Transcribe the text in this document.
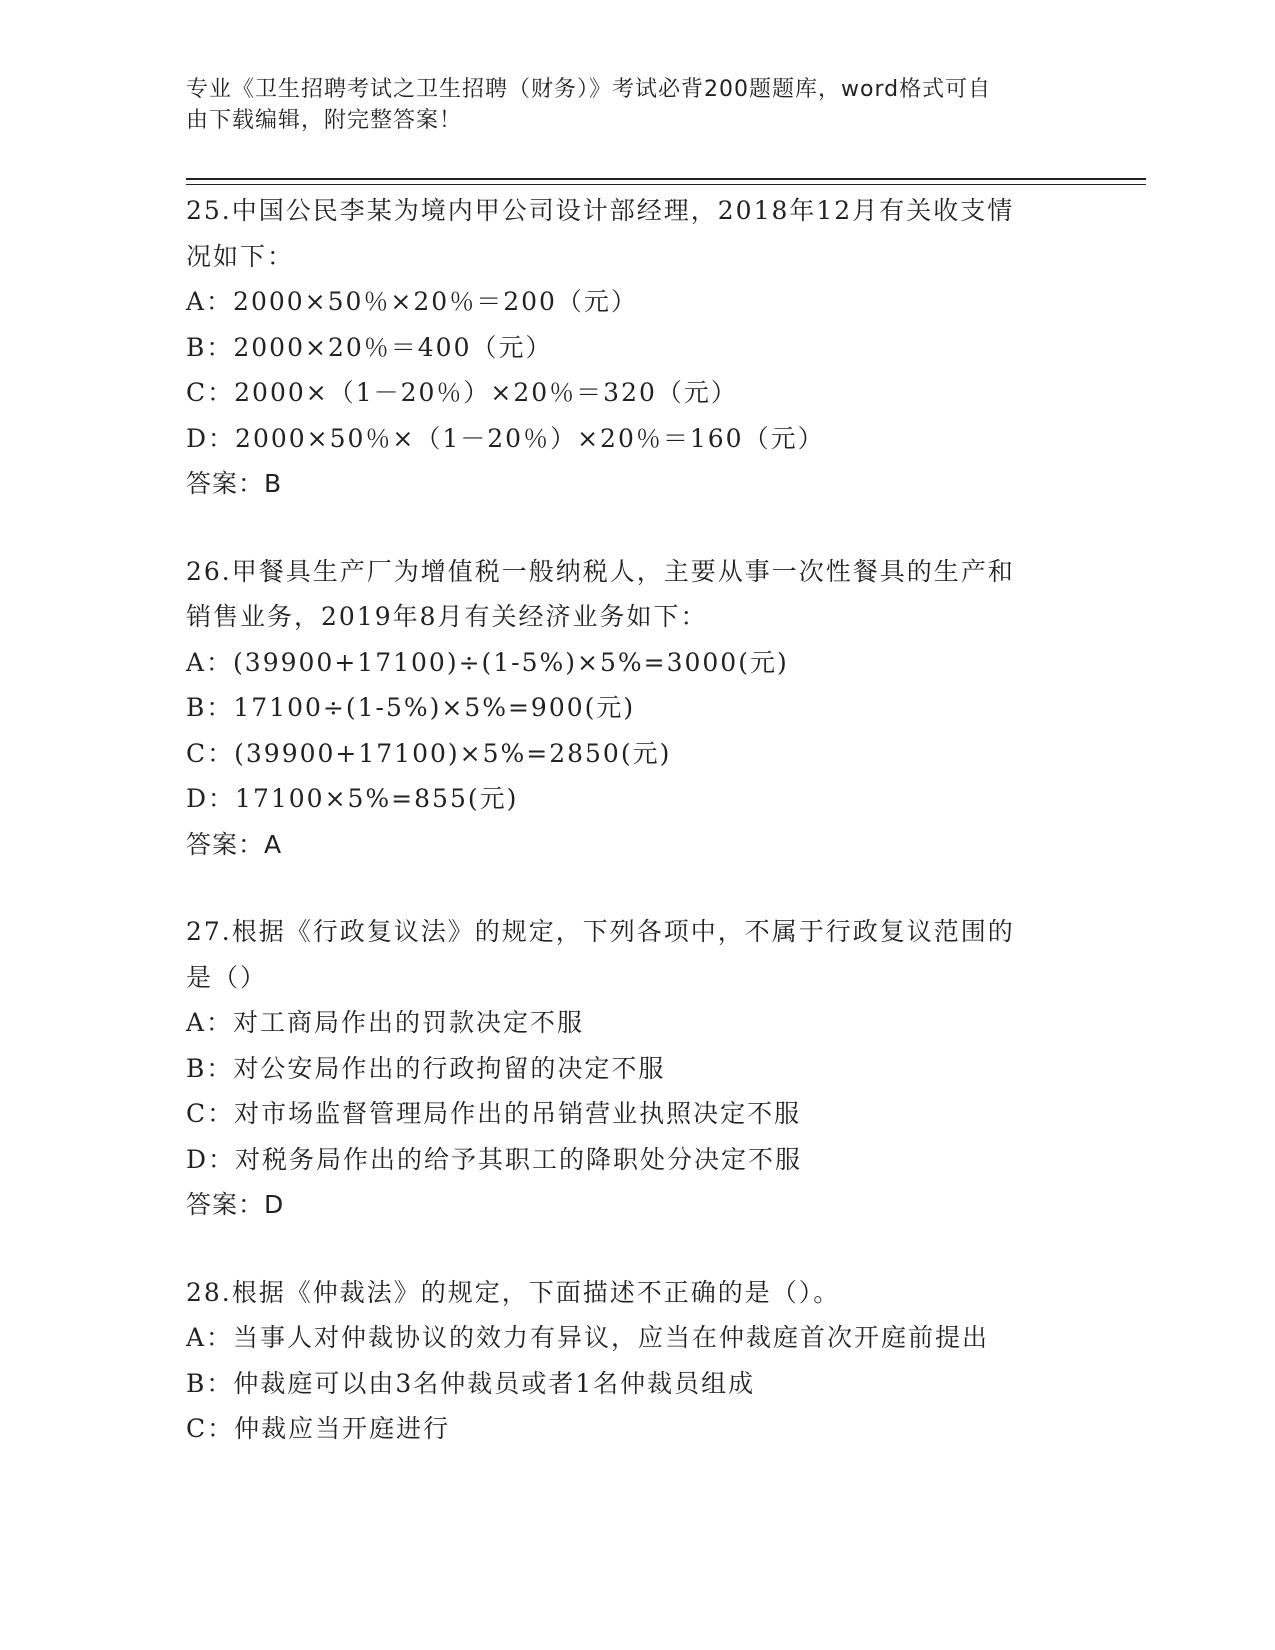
专业《卫生招聘考试之卫生招聘（财务）》考试必背200题题库，word格式可自
由下载编辑，附完整答案！
25.中国公民李某为境内甲公司设计部经理，2018年12月有关收支情
况如下：
A：2000×50％×20％＝200（元）
B：2000×20％＝400（元）
C：2000×（1－20％）×20％＝320（元）
D：2000×50％×（1－20％）×20％＝160（元）
答案：B
26.甲餐具生产厂为增值税一般纳税人，主要从事一次性餐具的生产和
销售业务，2019年8月有关经济业务如下：
A：(39900+17100)÷(1-5%)×5%=3000(元)
B：17100÷(1-5%)×5%=900(元)
C：(39900+17100)×5%=2850(元)
D：17100×5%=855(元)
答案：A
27.根据《行政复议法》的规定，下列各项中，不属于行政复议范围的
是（）
A：对工商局作出的罚款决定不服
B：对公安局作出的行政拘留的决定不服
C：对市场监督管理局作出的吊销营业执照决定不服
D：对税务局作出的给予其职工的降职处分决定不服
答案：D
28.根据《仲裁法》的规定，下面描述不正确的是（）。
A：当事人对仲裁协议的效力有异议，应当在仲裁庭首次开庭前提出
B：仲裁庭可以由3名仲裁员或者1名仲裁员组成
C：仲裁应当开庭进行
